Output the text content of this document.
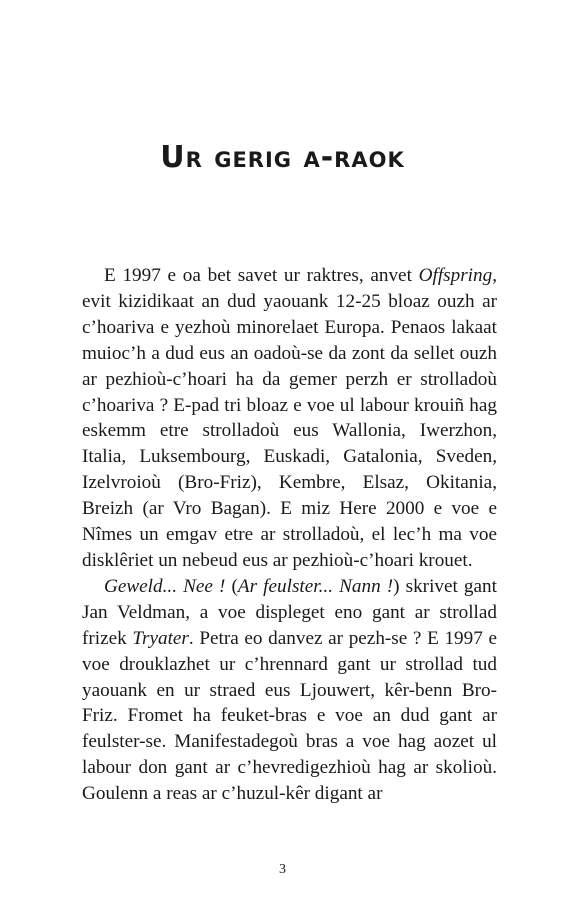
Ur gerig a-raok

E 1997 e oa bet savet ur raktres, anvet Offspring, evit kizidikaat an dud yaouank 12-25 bloaz ouzh ar c’hoariva e yezhoù minorelaet Europa. Penaos lakaat muioc’h a dud eus an oadoù-se da zont da sellet ouzh ar pezhioù-c’hoari ha da gemer perzh er strolladoù c’hoariva ? E-pad tri bloaz e voe ul labour krouiñ hag eskemm etre strolladoù eus Wallonia, Iwerzhon, Italia, Luksembourg, Euskadi, Gatalonia, Sveden, Izelvroioù (Bro-Friz), Kembre, Elsaz, Okitania, Breizh (ar Vro Bagan). E miz Here 2000 e voe e Nîmes un emgav etre ar strolladoù, el lec’h ma voe disklêriet un nebeud eus ar pezhioù-c’hoari krouet.

Geweld... Nee ! (Ar feulster... Nann !) skrivet gant Jan Veldman, a voe displeget eno gant ar strollad frizek Tryater. Petra eo danvez ar pezh-se ? E 1997 e voe drouklazhet ur c’hrennard gant ur strollad tud yaouank en ur straed eus Ljouwert, kêr-benn Bro-Friz. Fromet ha feuket-bras e voe an dud gant ar feulster-se. Manifestadegoù bras a voe hag aozet ul labour don gant ar c’hevredigezhioù hag ar skolioù. Goulenn a reas ar c’huzul-kêr digant ar

3
